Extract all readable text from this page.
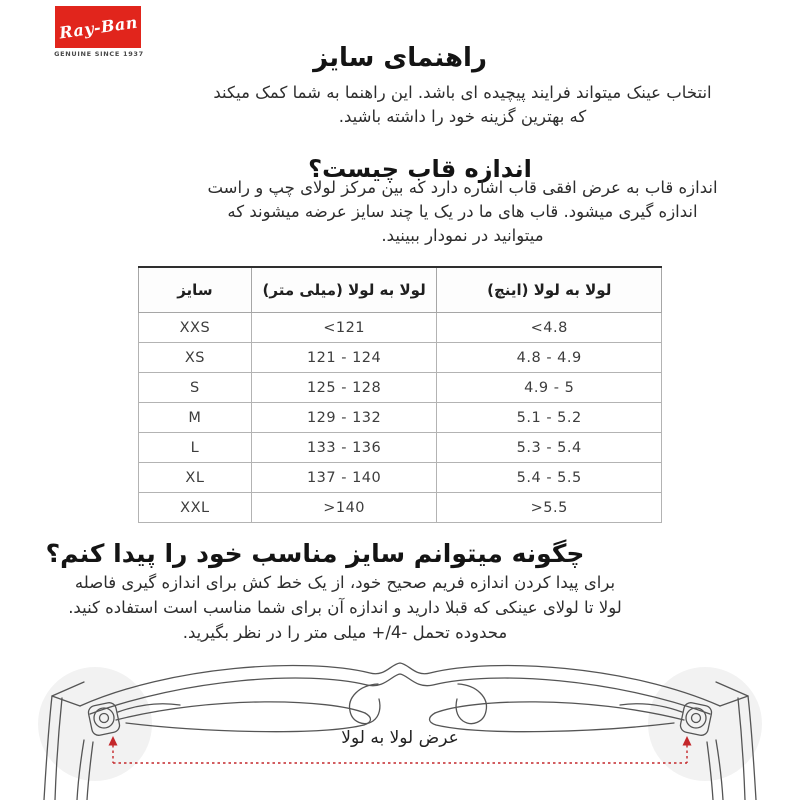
Ray-Ban
GENUINE SINCE 1937	راهنمای سایز
انتخاب عینک میتواند فرایند پیچیده ای باشد. این راهنما به شما کمک میکند
که بهترین گزینه خود را داشته باشید.
اندازه قاب چیست؟
اندازه قاب به عرض افقی قاب اشاره دارد که بین مرکز لولای چپ و راست
اندازه گیری میشود. قاب های ما در یک یا چند سایز عرضه میشوند که
میتوانید در نمودار ببینید.
سایز	لولا به لولا (میلی متر)	لولا به لولا (اینچ)
XXS	<121	<4.8
XS	121 - 124	4.8 - 4.9
S	125 - 128	4.9 - 5
M	129 - 132	5.1 - 5.2
L	133 - 136	5.3 - 5.4
XL	137 - 140	5.4 - 5.5
XXL	>140	>5.5
چگونه میتوانم سایز مناسب خود را پیدا کنم؟
برای پیدا کردن اندازه فریم صحیح خود، از یک خط کش برای اندازه گیری فاصله
لولا تا لولای عینکی که قبلا دارید و اندازه آن برای شما مناسب است استفاده کنید.
محدوده تحمل ‎+/4-‎ میلی متر را در نظر بگیرید.
عرض لولا به لولا
